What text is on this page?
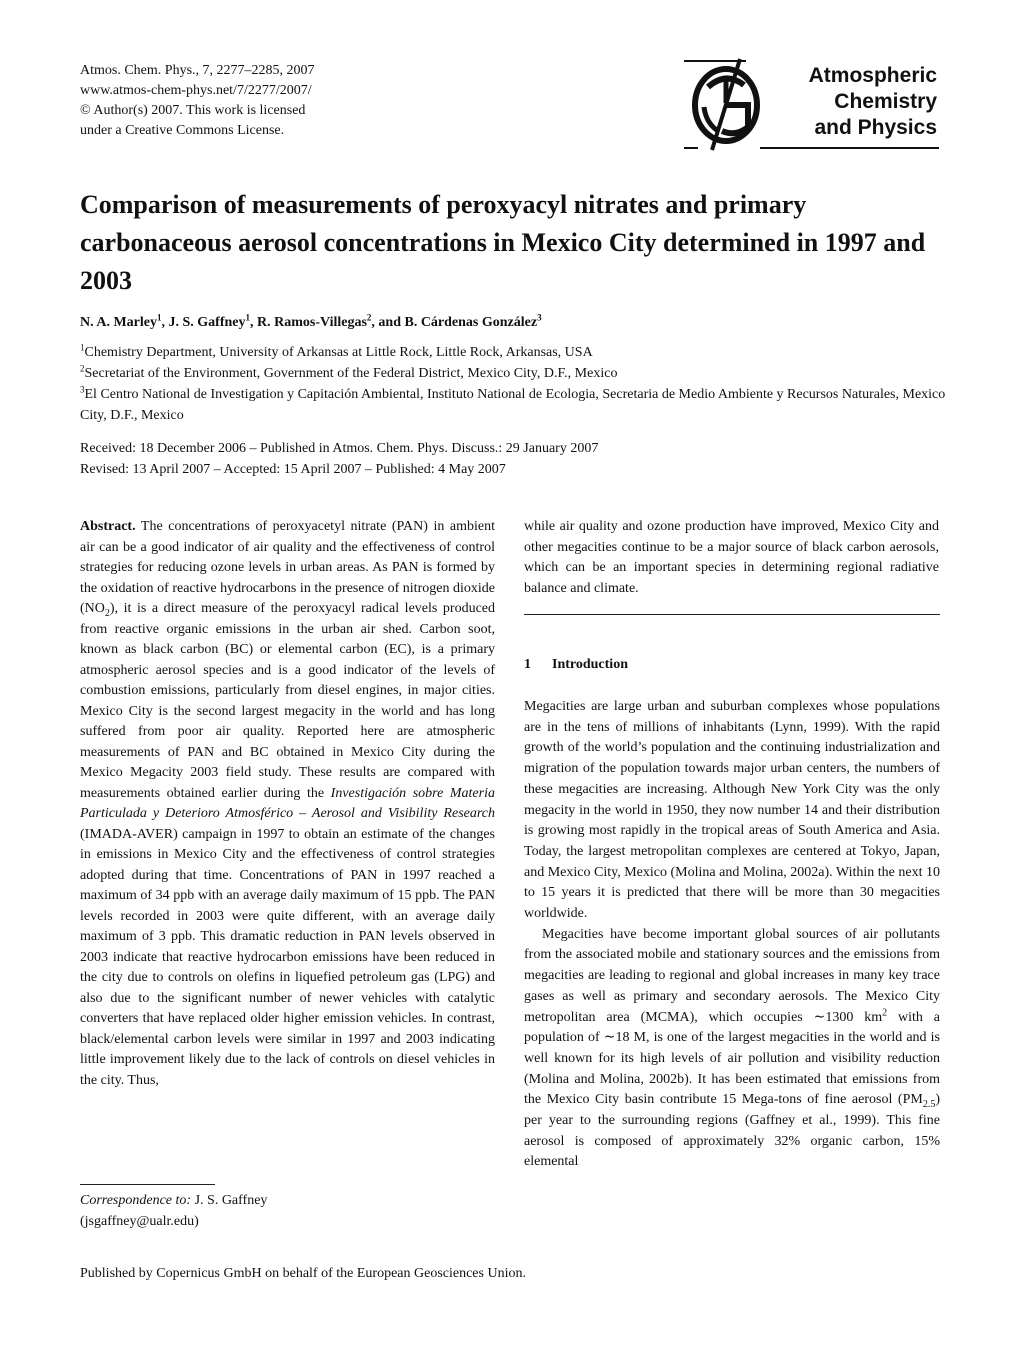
Atmos. Chem. Phys., 7, 2277–2285, 2007
www.atmos-chem-phys.net/7/2277/2007/
© Author(s) 2007. This work is licensed
under a Creative Commons License.
Atmospheric
Chemistry
and Physics
Comparison of measurements of peroxyacyl nitrates and primary carbonaceous aerosol concentrations in Mexico City determined in 1997 and 2003
N. A. Marley$^1$, J. S. Gaffney$^1$, R. Ramos-Villegas$^2$, and B. Cárdenas González$^3$
$^1$Chemistry Department, University of Arkansas at Little Rock, Little Rock, Arkansas, USA
$^2$Secretariat of the Environment, Government of the Federal District, Mexico City, D.F., Mexico
$^3$El Centro National de Investigation y Capitación Ambiental, Instituto National de Ecologia, Secretaria de Medio Ambiente y Recursos Naturales, Mexico City, D.F., Mexico
Received: 18 December 2006 – Published in Atmos. Chem. Phys. Discuss.: 29 January 2007
Revised: 13 April 2007 – Accepted: 15 April 2007 – Published: 4 May 2007
Abstract. The concentrations of peroxyacetyl nitrate (PAN) in ambient air can be a good indicator of air quality and the effectiveness of control strategies for reducing ozone levels in urban areas. As PAN is formed by the oxidation of reactive hydrocarbons in the presence of nitrogen dioxide $(NO_2)$, it is a direct measure of the peroxyacyl radical levels produced from reactive organic emissions in the urban air shed. Carbon soot, known as black carbon (BC) or elemental carbon (EC), is a primary atmospheric aerosol species and is a good indicator of the levels of combustion emissions, particularly from diesel engines, in major cities. Mexico City is the second largest megacity in the world and has long suffered from poor air quality. Reported here are atmospheric measurements of PAN and BC obtained in Mexico City during the Mexico Megacity 2003 field study. These results are compared with measurements obtained earlier during the Investigación sobre Materia Particulada y Deterioro Atmosférico – Aerosol and Visibility Research (IMADA-AVER) campaign in 1997 to obtain an estimate of the changes in emissions in Mexico City and the effectiveness of control strategies adopted during that time. Concentrations of PAN in 1997 reached a maximum of 34 ppb with an average daily maximum of 15 ppb. The PAN levels recorded in 2003 were quite different, with an average daily maximum of 3 ppb. This dramatic reduction in PAN levels observed in 2003 indicate that reactive hydrocarbon emissions have been reduced in the city due to controls on olefins in liquefied petroleum gas (LPG) and also due to the significant number of newer vehicles with catalytic converters that have replaced older higher emission vehicles. In contrast, black/elemental carbon levels were similar in 1997 and 2003 indicating little improvement likely due to the lack of controls on diesel vehicles in the city. Thus,
Correspondence to: J. S. Gaffney
(jsgaffney@ualr.edu)
while air quality and ozone production have improved, Mexico City and other megacities continue to be a major source of black carbon aerosols, which can be an important species in determining regional radiative balance and climate.
1 Introduction

Megacities are large urban and suburban complexes whose populations are in the tens of millions of inhabitants (Lynn, 1999). With the rapid growth of the world’s population and the continuing industrialization and migration of the population towards major urban centers, the numbers of these megacities are increasing. Although New York City was the only megacity in the world in 1950, they now number 14 and their distribution is growing most rapidly in the tropical areas of South America and Asia. Today, the largest metropolitan complexes are centered at Tokyo, Japan, and Mexico City, Mexico (Molina and Molina, 2002a). Within the next 10 to 15 years it is predicted that there will be more than 30 megacities worldwide.

Megacities have become important global sources of air pollutants from the associated mobile and stationary sources and the emissions from megacities are leading to regional and global increases in many key trace gases as well as primary and secondary aerosols. The Mexico City metropolitan area (MCMA), which occupies ∼1300 $km^2$ with a population of ∼18 M, is one of the largest megacities in the world and is well known for its high levels of air pollution and visibility reduction (Molina and Molina, 2002b). It has been estimated that emissions from the Mexico City basin contribute 15 Mega-tons of fine aerosol $(PM_{2.5})$ per year to the surrounding regions (Gaffney et al., 1999). This fine aerosol is composed of approximately 32% organic carbon, 15% elemental

Published by Copernicus GmbH on behalf of the European Geosciences Union.
